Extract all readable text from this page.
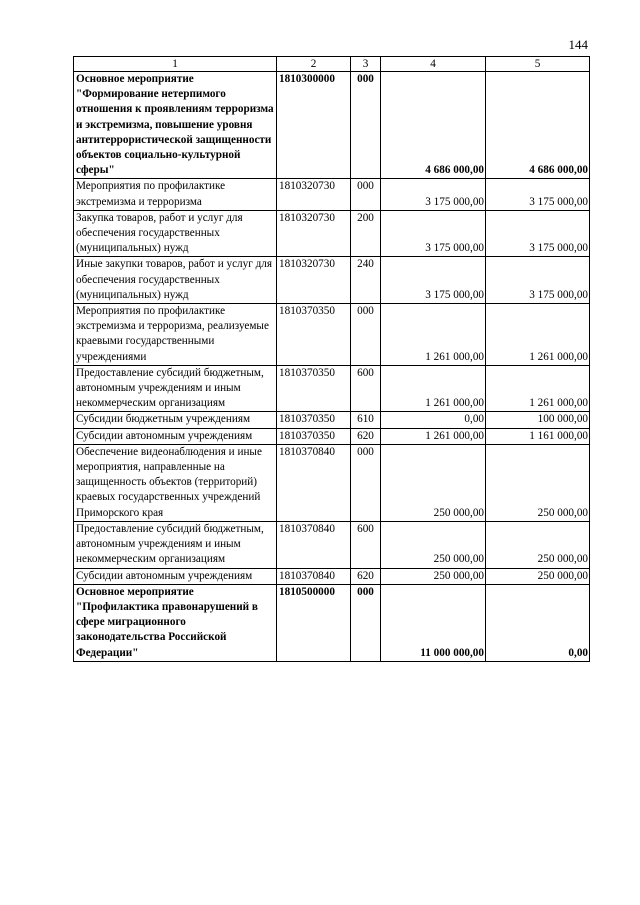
144
1	2	3	4	5
Основное мероприятие "Формирование нетерпимого отношения к проявлениям терроризма и экстремизма, повышение уровня антитеррористической защищенности объектов социально-культурной сферы"	1810300000	000	4 686 000,00	4 686 000,00
Мероприятия по профилактике экстремизма и терроризма	1810320730	000	3 175 000,00	3 175 000,00
Закупка товаров, работ и услуг для обеспечения государственных (муниципальных) нужд	1810320730	200	3 175 000,00	3 175 000,00
Иные закупки товаров, работ и услуг для обеспечения государственных (муниципальных) нужд	1810320730	240	3 175 000,00	3 175 000,00
Мероприятия по профилактике экстремизма и терроризма, реализуемые краевыми государственными учреждениями	1810370350	000	1 261 000,00	1 261 000,00
Предоставление субсидий бюджетным, автономным учреждениям и иным некоммерческим организациям	1810370350	600	1 261 000,00	1 261 000,00
Субсидии бюджетным учреждениям	1810370350	610	0,00	100 000,00
Субсидии автономным учреждениям	1810370350	620	1 261 000,00	1 161 000,00
Обеспечение видеонаблюдения и иные мероприятия, направленные на защищенность объектов (территорий) краевых государственных учреждений Приморского края	1810370840	000	250 000,00	250 000,00
Предоставление субсидий бюджетным, автономным учреждениям и иным некоммерческим организациям	1810370840	600	250 000,00	250 000,00
Субсидии автономным учреждениям	1810370840	620	250 000,00	250 000,00
Основное мероприятие "Профилактика правонарушений в сфере миграционного законодательства Российской Федерации"	1810500000	000	11 000 000,00	0,00
